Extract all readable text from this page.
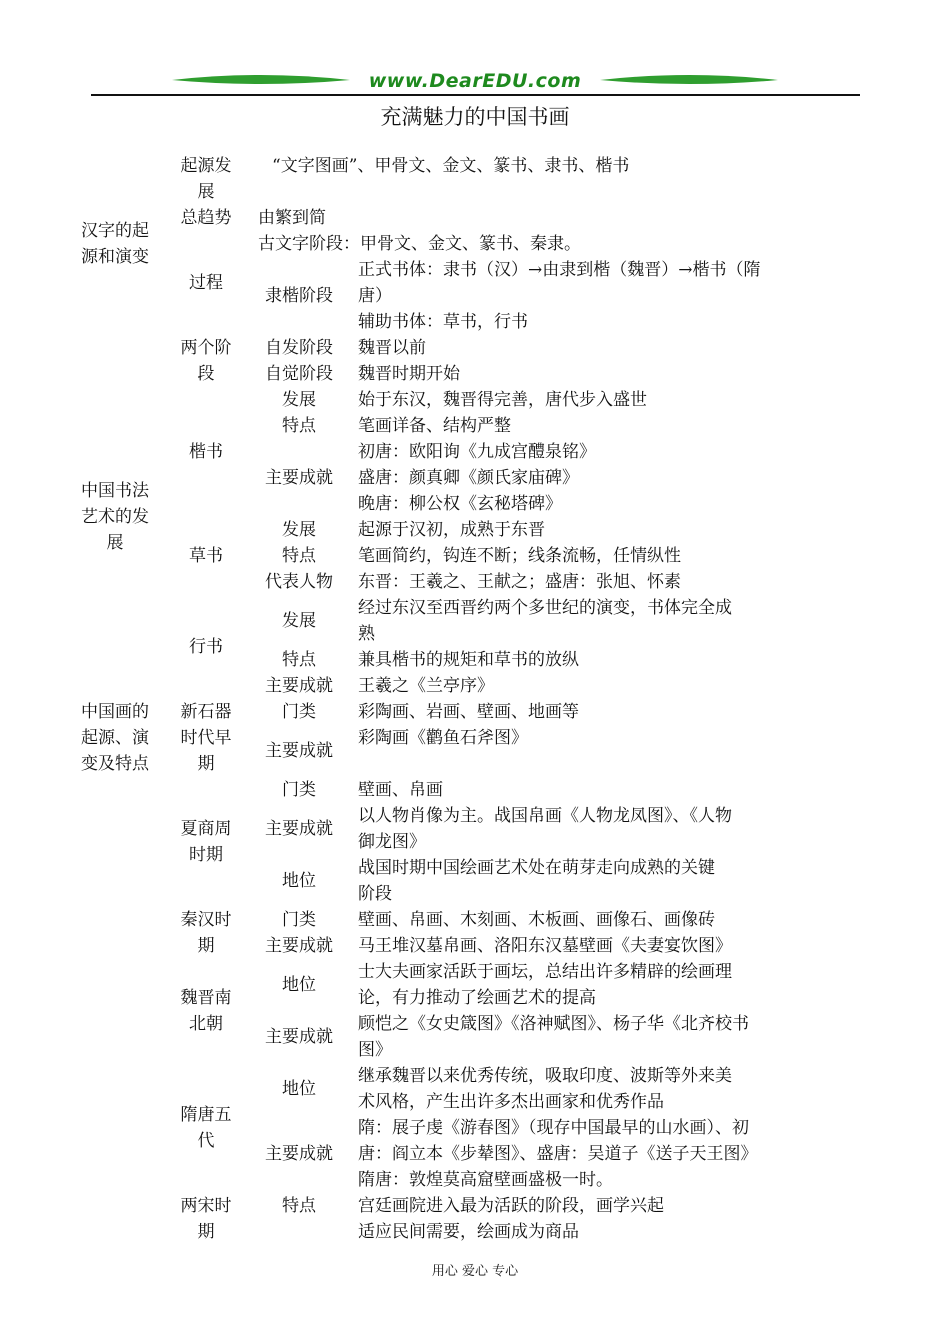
www.DearEDU.com
充满魅力的中国书画
汉字的起
源和演变
中国书法
艺术的发
展
中国画的
起源、演
变及特点
起源发
展
总趋势
过程
两个阶
段
楷书
草书
行书
新石器
时代早
期
夏商周
时期
秦汉时
期
魏晋南
北朝
隋唐五
代
两宋时
期
隶楷阶段
自发阶段
自觉阶段
发展
特点
主要成就
发展
特点
代表人物
发展
特点
主要成就
门类
主要成就
门类
主要成就
地位
门类
主要成就
地位
主要成就
地位
主要成就
特点
“文字图画”、甲骨文、金文、篆书、隶书、楷书
由繁到简
古文字阶段：甲骨文、金文、篆书、秦隶。
正式书体：隶书（汉）→由隶到楷（魏晋）→楷书（隋
唐）
辅助书体：草书，行书
魏晋以前
魏晋时期开始
始于东汉，魏晋得完善，唐代步入盛世
笔画详备、结构严整
初唐：欧阳询《九成宫醴泉铭》
盛唐：颜真卿《颜氏家庙碑》
晚唐：柳公权《玄秘塔碑》
起源于汉初，成熟于东晋
笔画简约，钩连不断；线条流畅，任情纵性
东晋：王羲之、王献之；盛唐：张旭、怀素
经过东汉至西晋约两个多世纪的演变，书体完全成
熟
兼具楷书的规矩和草书的放纵
王羲之《兰亭序》
彩陶画、岩画、壁画、地画等
彩陶画《鹳鱼石斧图》
壁画、帛画
以人物肖像为主。战国帛画《人物龙凤图》、《人物
御龙图》
战国时期中国绘画艺术处在萌芽走向成熟的关键
阶段
壁画、帛画、木刻画、木板画、画像石、画像砖
马王堆汉墓帛画、洛阳东汉墓壁画《夫妻宴饮图》
士大夫画家活跃于画坛，总结出许多精辟的绘画理
论，有力推动了绘画艺术的提高
顾恺之《女史箴图》《洛神赋图》、杨子华《北齐校书
图》
继承魏晋以来优秀传统，吸取印度、波斯等外来美
术风格，产生出许多杰出画家和优秀作品
隋：展子虔《游春图》（现存中国最早的山水画）、初
唐：阎立本《步辇图》、盛唐：吴道子《送子天王图》
隋唐：敦煌莫高窟壁画盛极一时。
宫廷画院进入最为活跃的阶段，画学兴起
适应民间需要，绘画成为商品
用心 爱心 专心
